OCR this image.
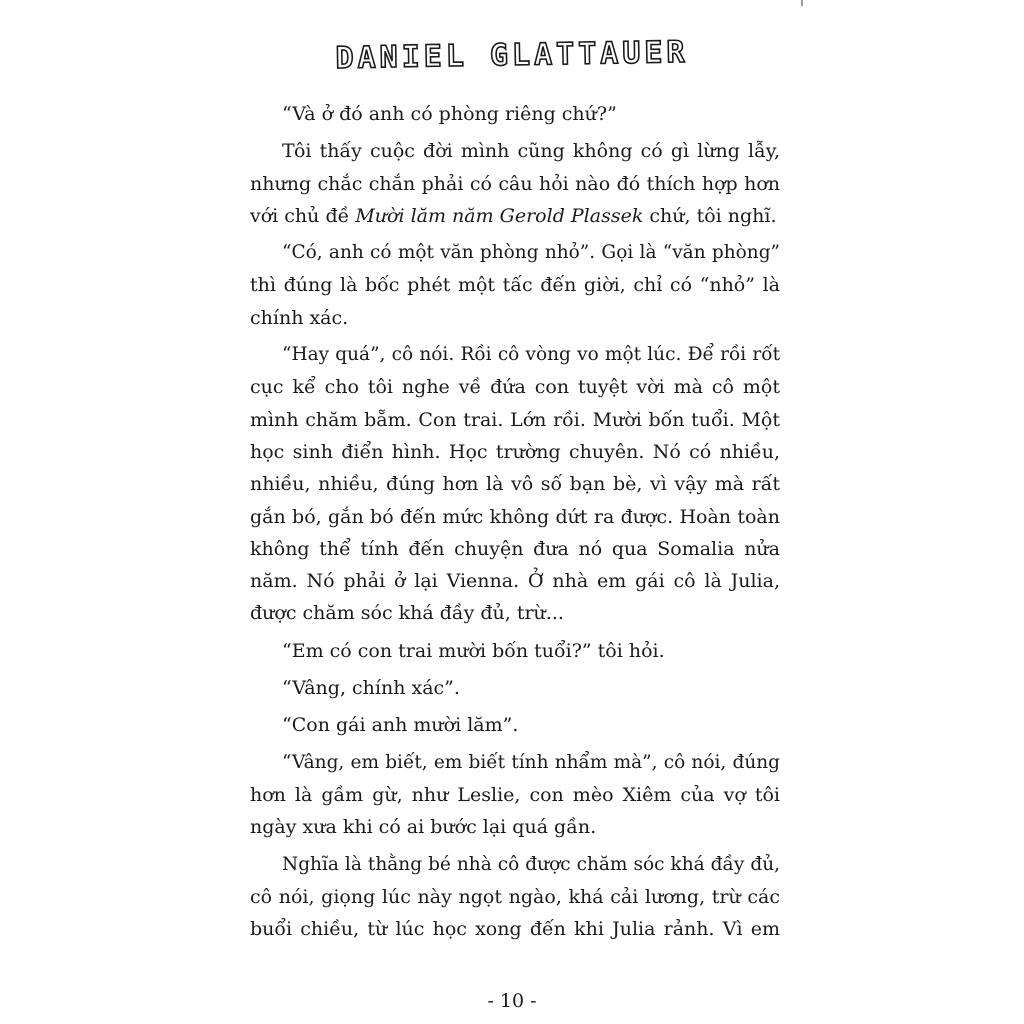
DANIEL GLATTAUER
“Và ở đó anh có phòng riêng chứ?”
Tôi thấy cuộc đời mình cũng không có gì lừng lẫy,
nhưng chắc chắn phải có câu hỏi nào đó thích hợp hơn
với chủ đề Mười lăm năm Gerold Plassek chứ, tôi nghĩ.
“Có, anh có một văn phòng nhỏ”. Gọi là “văn phòng”
thì đúng là bốc phét một tấc đến giời, chỉ có “nhỏ” là
chính xác.
“Hay quá”, cô nói. Rồi cô vòng vo một lúc. Để rồi rốt
cục kể cho tôi nghe về đứa con tuyệt vời mà cô một
mình chăm bẵm. Con trai. Lớn rồi. Mười bốn tuổi. Một
học sinh điển hình. Học trường chuyên. Nó có nhiều,
nhiều, nhiều, đúng hơn là vô số bạn bè, vì vậy mà rất
gắn bó, gắn bó đến mức không dứt ra được. Hoàn toàn
không thể tính đến chuyện đưa nó qua Somalia nửa
năm. Nó phải ở lại Vienna. Ở nhà em gái cô là Julia,
được chăm sóc khá đầy đủ, trừ...
“Em có con trai mười bốn tuổi?” tôi hỏi.
“Vâng, chính xác”.
“Con gái anh mười lăm”.
“Vâng, em biết, em biết tính nhẩm mà”, cô nói, đúng
hơn là gầm gừ, như Leslie, con mèo Xiêm của vợ tôi
ngày xưa khi có ai bước lại quá gần.
Nghĩa là thằng bé nhà cô được chăm sóc khá đầy đủ,
cô nói, giọng lúc này ngọt ngào, khá cải lương, trừ các
buổi chiều, từ lúc học xong đến khi Julia rảnh. Vì em
- 10 -
